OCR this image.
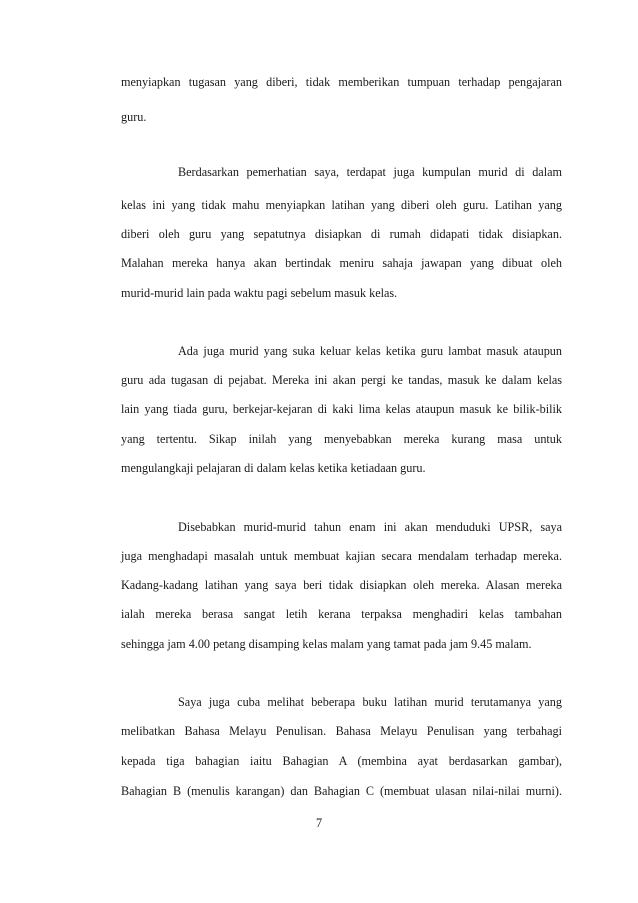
menyiapkan tugasan yang diberi, tidak memberikan tumpuan terhadap pengajaran
guru.
Berdasarkan pemerhatian saya, terdapat juga kumpulan murid di dalam
kelas ini yang tidak mahu menyiapkan latihan yang diberi oleh guru. Latihan yang
diberi oleh guru yang sepatutnya disiapkan di rumah didapati tidak disiapkan.
Malahan mereka hanya akan bertindak meniru sahaja jawapan yang dibuat oleh
murid-murid lain pada waktu pagi sebelum masuk kelas.
Ada juga murid yang suka keluar kelas ketika guru lambat masuk ataupun
guru ada tugasan di pejabat. Mereka ini akan pergi ke tandas, masuk ke dalam kelas
lain yang tiada guru, berkejar-kejaran di kaki lima kelas ataupun masuk ke bilik-bilik
yang tertentu. Sikap inilah yang menyebabkan mereka kurang masa untuk
mengulangkaji pelajaran di dalam kelas ketika ketiadaan guru.
Disebabkan murid-murid tahun enam ini akan menduduki UPSR, saya
juga menghadapi masalah untuk membuat kajian secara mendalam terhadap mereka.
Kadang-kadang latihan yang saya beri tidak disiapkan oleh mereka. Alasan mereka
ialah mereka berasa sangat letih kerana terpaksa menghadiri kelas tambahan
sehingga jam 4.00 petang disamping kelas malam yang tamat pada jam 9.45 malam.
Saya juga cuba melihat beberapa buku latihan murid terutamanya yang
melibatkan Bahasa Melayu Penulisan. Bahasa Melayu Penulisan yang terbahagi
kepada tiga bahagian iaitu Bahagian A (membina ayat berdasarkan gambar),
Bahagian B (menulis karangan) dan Bahagian C (membuat ulasan nilai-nilai murni).
7
